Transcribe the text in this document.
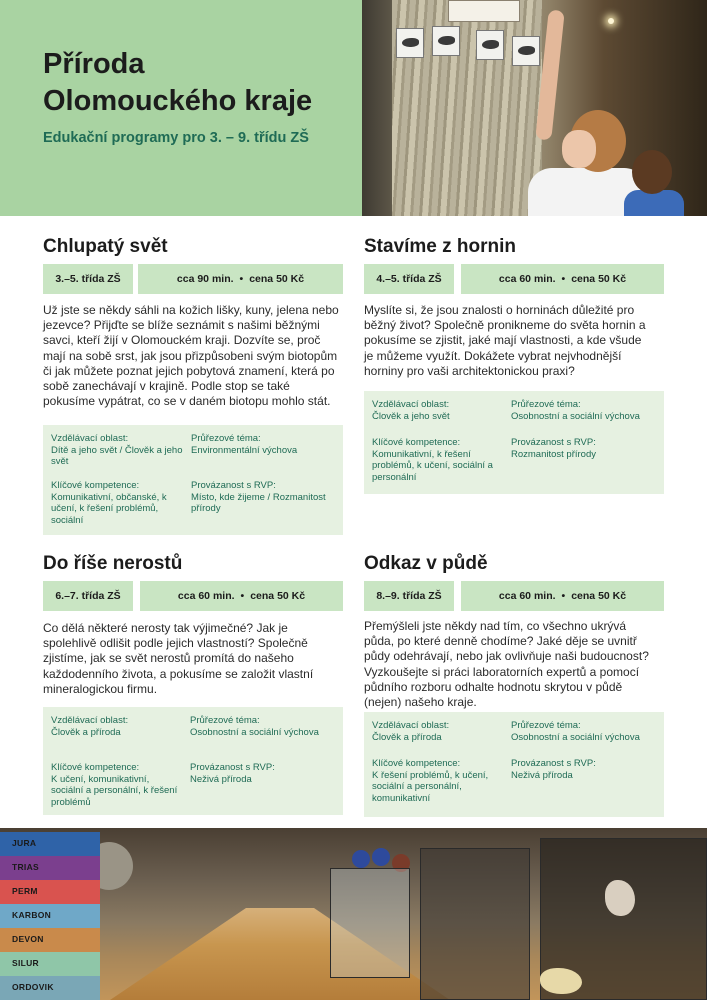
Příroda
Olomouckého kraje
Edukační programy pro 3. – 9. třídu ZŠ
Chlupatý svět
3.–5. třída ZŠ	cca 90 min. • cena 50 Kč

Už jste se někdy sáhli na kožich lišky, kuny, jelena nebo jezevce? Přijďte se blíže seznámit s našimi běžnými savci, kteří žijí v Olomouckém kraji. Dozvíte se, proč mají na sobě srst, jak jsou přizpůsobeni svým biotopům či jak můžete poznat jejich pobytová znamení, která po sobě zanechávají v krajině. Podle stop se také pokusíme vypátrat, co se v daném biotopu mohlo stát.

Vzdělávací oblast:
Dítě a jeho svět / Člověk a jeho svět
Průřezové téma:
Environmentální výchova
Klíčové kompetence:
Komunikativní, občanské, k učení, k řešení problémů, sociální
Provázanost s RVP:
Místo, kde žijeme / Rozmanitost přírody
Stavíme z hornin
4.–5. třída ZŠ	cca 60 min. • cena 50 Kč

Myslíte si, že jsou znalosti o horninách důležité pro běžný život? Společně pronikneme do světa hornin a pokusíme se zjistit, jaké mají vlastnosti, a kde všude je můžeme využít. Dokážete vybrat nejvhodnější horniny pro vaši architektonickou praxi?

Vzdělávací oblast:
Člověk a jeho svět
Průřezové téma:
Osobnostní a sociální výchova
Klíčové kompetence:
Komunikativní, k řešení problémů, k učení, sociální a personální
Provázanost s RVP:
Rozmanitost přírody
Do říše nerostů
6.–7. třída ZŠ	cca 60 min. • cena 50 Kč

Co dělá některé nerosty tak výjimečné? Jak je spolehlivě odlišit podle jejich vlastností? Společně zjistíme, jak se svět nerostů promítá do našeho každodenního života, a pokusíme se založit vlastní mineralogickou firmu.

Vzdělávací oblast:
Člověk a příroda
Průřezové téma:
Osobnostní a sociální výchova
Klíčové kompetence:
K učení, komunikativní, sociální a personální, k řešení problémů
Provázanost s RVP:
Neživá příroda
Odkaz v půdě
8.–9. třída ZŠ	cca 60 min. • cena 50 Kč

Přemýšleli jste někdy nad tím, co všechno ukrývá půda, po které denně chodíme? Jaké děje se uvnitř půdy odehrávají, nebo jak ovlivňuje naši budoucnost? Vyzkoušejte si práci laboratorních expertů a pomocí půdního rozboru odhalte hodnotu skrytou v půdě (nejen) našeho kraje.

Vzdělávací oblast:
Člověk a příroda
Průřezové téma:
Osobnostní a sociální výchova
Klíčové kompetence:
K řešení problémů, k učení, sociální a personální, komunikativní
Provázanost s RVP:
Neživá příroda
JURA
TRIAS
PERM
KARBON
DEVON
SILUR
ORDOVIK
